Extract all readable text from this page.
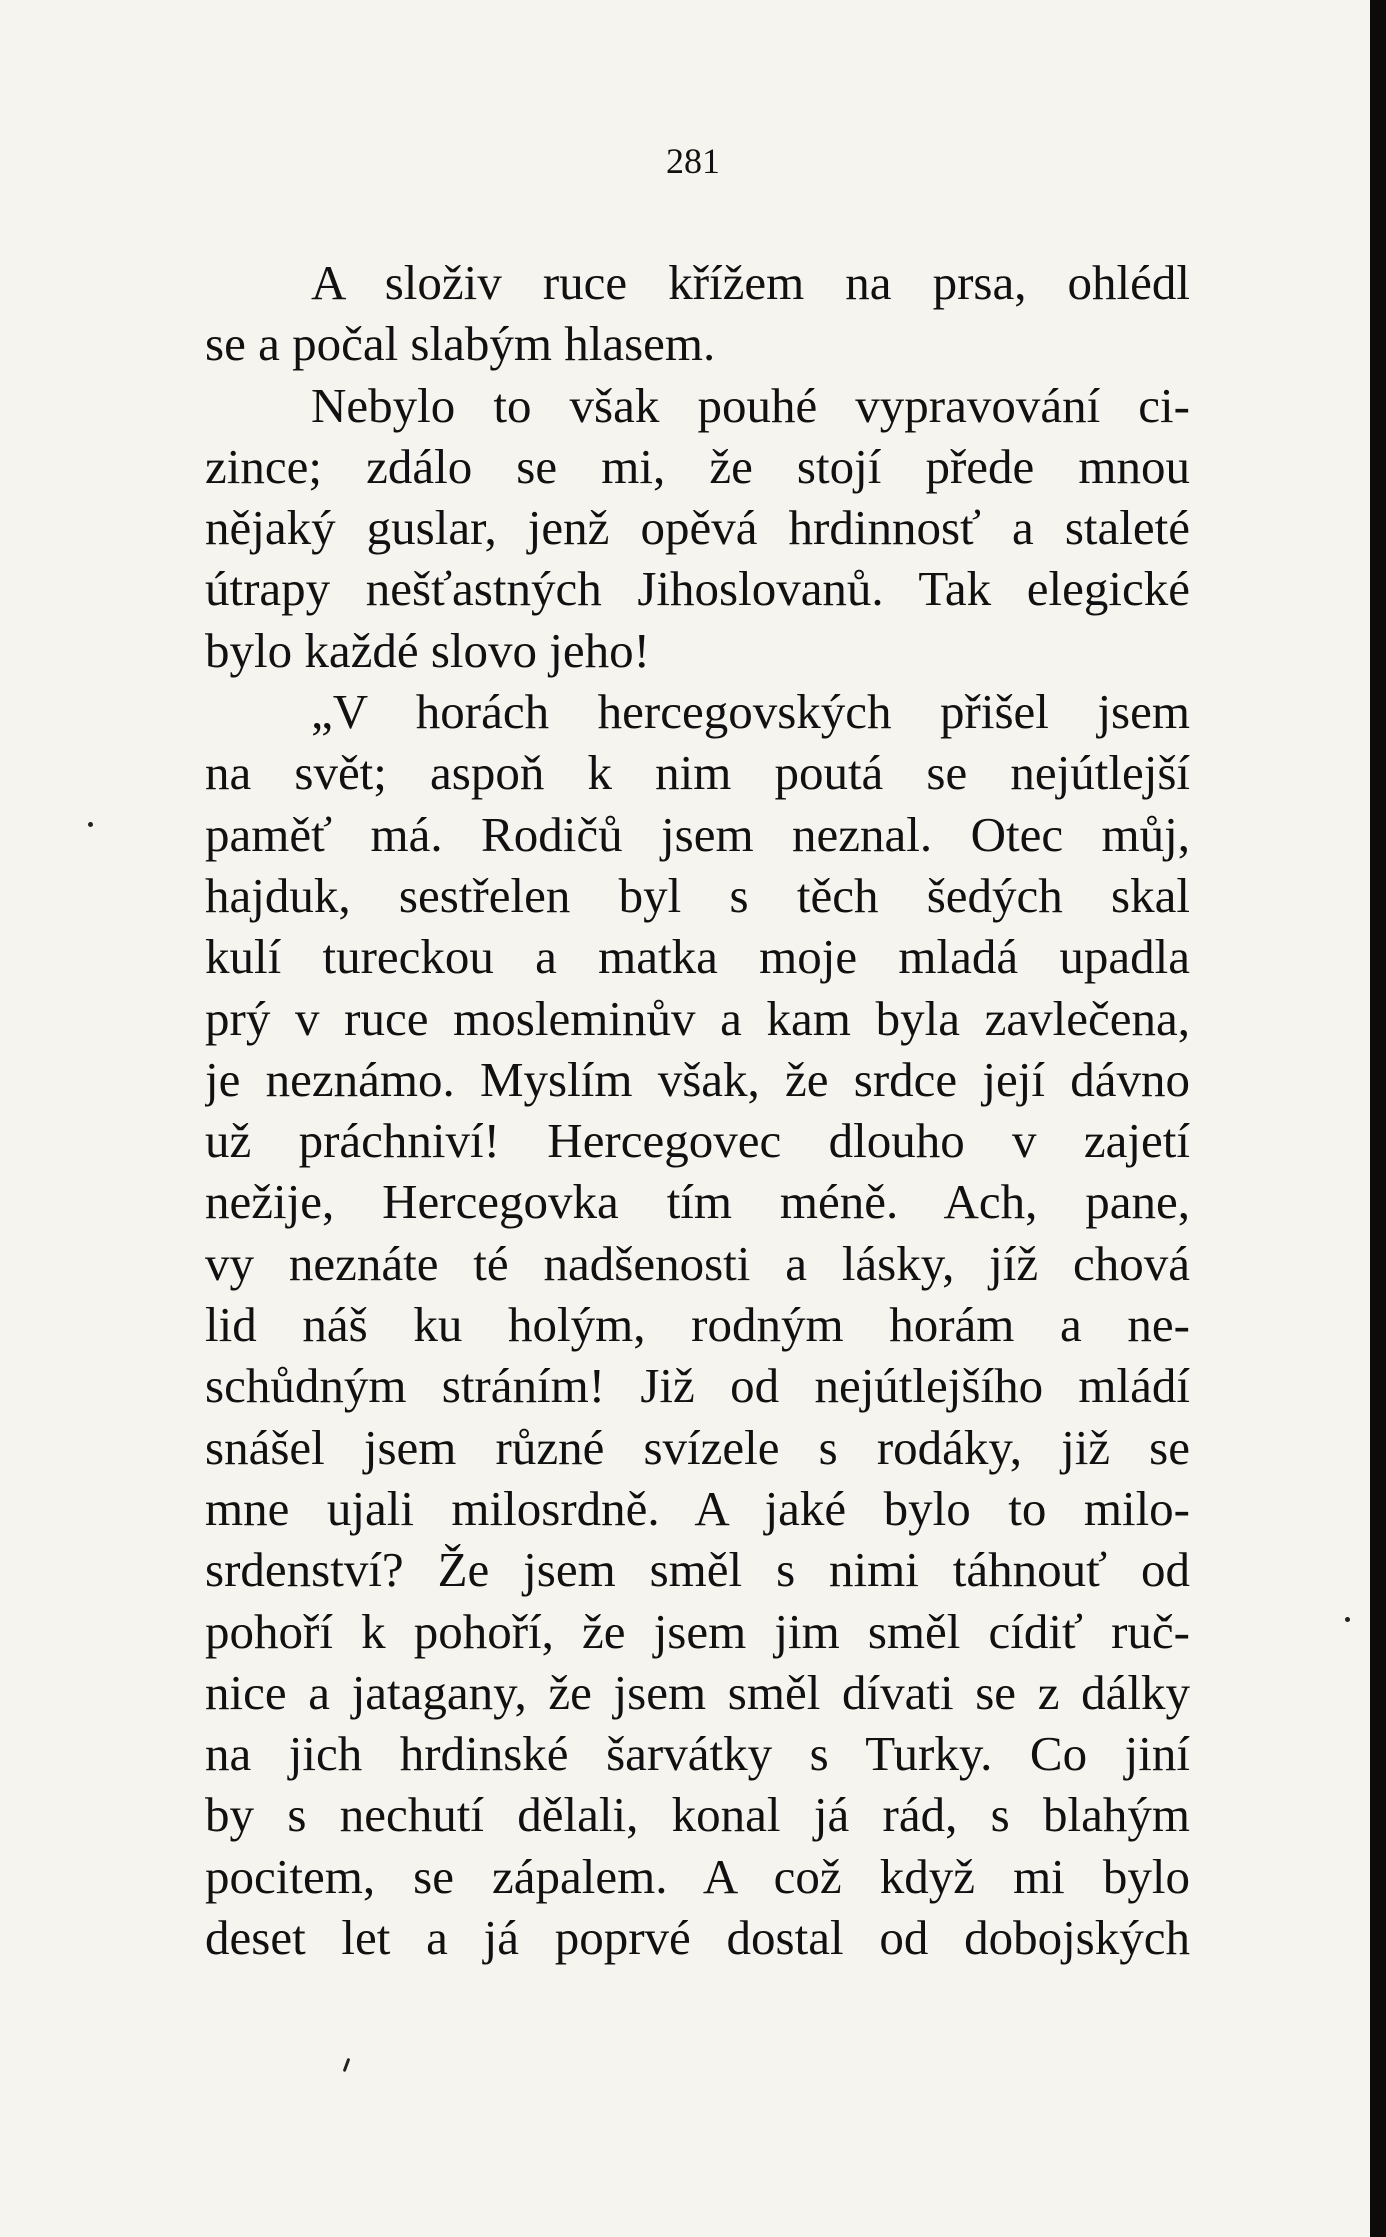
281
A složiv ruce křížem na prsa, ohlédl
se a počal slabým hlasem.
Nebylo to však pouhé vypravování ci-
zince; zdálo se mi, že stojí přede mnou
nějaký guslar, jenž opěvá hrdinnosť a staleté
útrapy nešťastných Jihoslovanů. Tak elegické
bylo každé slovo jeho!
„V horách hercegovských přišel jsem
na svět; aspoň k nim poutá se nejútlejší
paměť má. Rodičů jsem neznal. Otec můj,
hajduk, sestřelen byl s těch šedých skal
kulí tureckou a matka moje mladá upadla
prý v ruce mosleminův a kam byla zavlečena,
je neznámo. Myslím však, že srdce její dávno
už práchniví! Hercegovec dlouho v zajetí
nežije, Hercegovka tím méně. Ach, pane,
vy neznáte té nadšenosti a lásky, jíž chová
lid náš ku holým, rodným horám a ne-
schůdným stráním! Již od nejútlejšího mládí
snášel jsem různé svízele s rodáky, již se
mne ujali milosrdně. A jaké bylo to milo-
srdenství? Že jsem směl s nimi táhnouť od
pohoří k pohoří, že jsem jim směl cídiť ruč-
nice a jatagany, že jsem směl dívati se z dálky
na jich hrdinské šarvátky s Turky. Co jiní
by s nechutí dělali, konal já rád, s blahým
pocitem, se zápalem. A což když mi bylo
deset let a já poprvé dostal od dobojských
